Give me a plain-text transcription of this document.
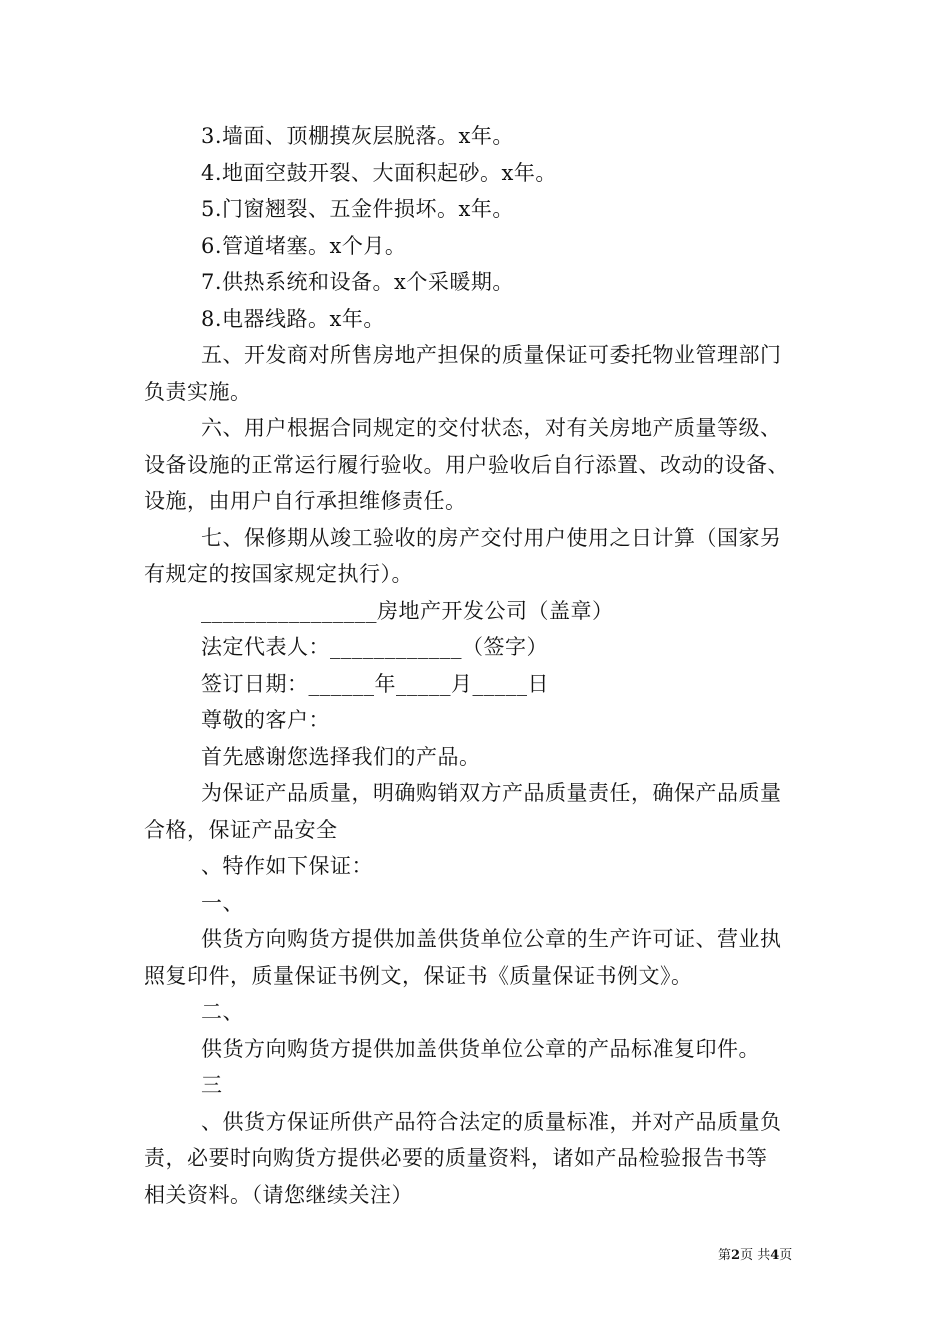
3.墙面、顶棚摸灰层脱落。x年。
4.地面空鼓开裂、大面积起砂。x年。
5.门窗翘裂、五金件损坏。x年。
6.管道堵塞。x个月。
7.供热系统和设备。x个采暖期。
8.电器线路。x年。
五、开发商对所售房地产担保的质量保证可委托物业管理部门
负责实施。
六、用户根据合同规定的交付状态，对有关房地产质量等级、
设备设施的正常运行履行验收。用户验收后自行添置、改动的设备、
设施，由用户自行承担维修责任。
七、保修期从竣工验收的房产交付用户使用之日计算（国家另
有规定的按国家规定执行）。
________________房地产开发公司（盖章）
法定代表人：____________（签字）
签订日期：______年_____月_____日
尊敬的客户：
首先感谢您选择我们的产品。
为保证产品质量，明确购销双方产品质量责任，确保产品质量
合格，保证产品安全
、特作如下保证：
一、
供货方向购货方提供加盖供货单位公章的生产许可证、营业执
照复印件，质量保证书例文，保证书《质量保证书例文》。
二、
供货方向购货方提供加盖供货单位公章的产品标准复印件。
三
、供货方保证所供产品符合法定的质量标准，并对产品质量负
责，必要时向购货方提供必要的质量资料，诸如产品检验报告书等
相关资料。（请您继续关注）
第2页 共4页
